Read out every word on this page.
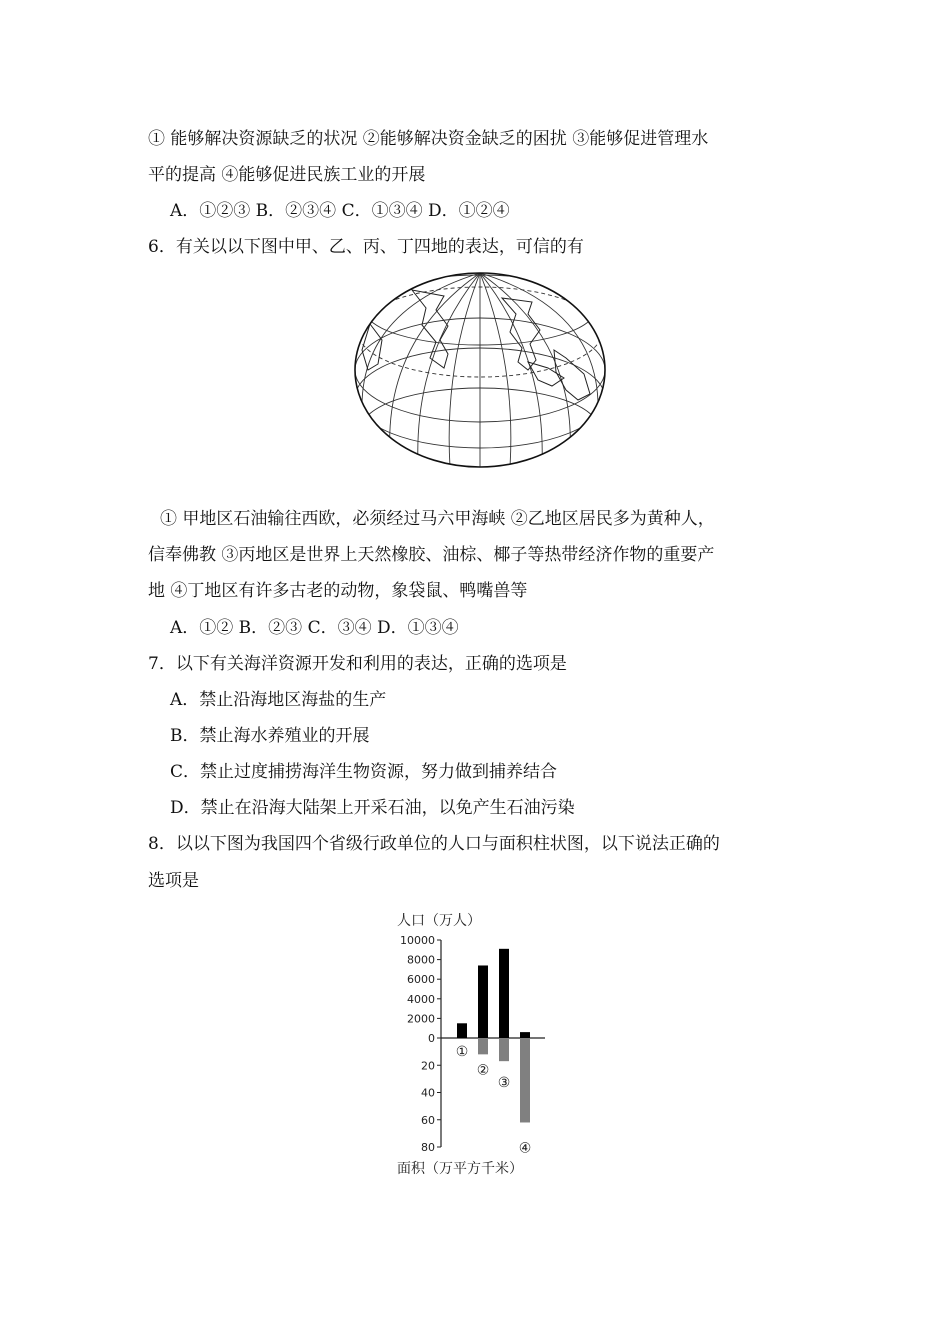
① 能够解决资源缺乏的状况 ②能够解决资金缺乏的困扰 ③能够促进管理水
平的提高 ④能够促进民族工业的开展
A．①②③ B．②③④ C．①③④ D．①②④
6．有关以以下图中甲、乙、丙、丁四地的表达，可信的有
① 甲地区石油输往西欧，必须经过马六甲海峡 ②乙地区居民多为黄种人，
信奉佛教 ③丙地区是世界上天然橡胶、油棕、椰子等热带经济作物的重要产
地 ④丁地区有许多古老的动物，象袋鼠、鸭嘴兽等
A．①② B．②③ C．③④ D．①③④
7．以下有关海洋资源开发和利用的表达，正确的选项是
A．禁止沿海地区海盐的生产
B．禁止海水养殖业的开展
C．禁止过度捕捞海洋生物资源，努力做到捕养结合
D．禁止在沿海大陆架上开采石油，以免产生石油污染
8．以以下图为我国四个省级行政单位的人口与面积柱状图，以下说法正确的
选项是
人口（万人）
面积（万平方千米）
10000
8000
6000
4000
2000
0
20
40
60
80
①
②
③
④
